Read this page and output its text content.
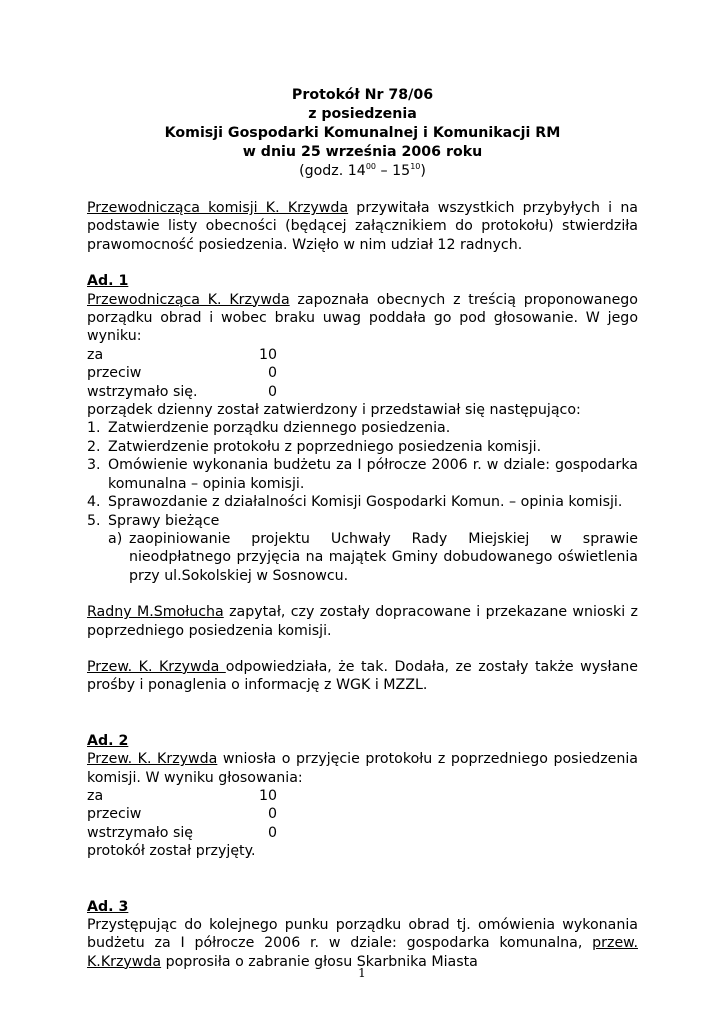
Protokół Nr 78/06
z posiedzenia
Komisji Gospodarki Komunalnej i Komunikacji RM
w dniu 25 września 2006 roku
(godz. $14^{00} - 15^{10}$)

Przewodnicząca komisji K. Krzywda przywitała wszystkich przybyłych i na podstawie listy obecności (będącej załącznikiem do protokołu) stwierdziła prawomocność posiedzenia. Wzięło w nim udział 12 radnych.

Ad. 1

Przewodnicząca K. Krzywda zapoznała obecnych z treścią proponowanego porządku obrad i wobec braku uwag poddała go pod głosowanie. W jego wyniku:

za	10
przeciw	0
wstrzymało się.	0

porządek dzienny został zatwierdzony i przedstawiał się następująco:

1. Zatwierdzenie porządku dziennego posiedzenia.
2. Zatwierdzenie protokołu z poprzedniego posiedzenia komisji.
3. Omówienie wykonania budżetu za I półrocze 2006 r. w dziale: gospodarka komunalna – opinia komisji.
4. Sprawozdanie z działalności Komisji Gospodarki Komun. – opinia komisji.
5. Sprawy bieżące
a) zaopiniowanie projektu Uchwały Rady Miejskiej w sprawie nieodpłatnego przyjęcia na majątek Gminy dobudowanego oświetlenia przy ul.Sokolskiej w Sosnowcu.

Radny M.Smołucha zapytał, czy zostały dopracowane i przekazane wnioski z poprzedniego posiedzenia komisji.

Przew. K. Krzywda odpowiedziała, że tak. Dodała, ze zostały także wysłane prośby i ponaglenia o informację z WGK i MZZL.

Ad. 2

Przew. K. Krzywda wniosła o przyjęcie protokołu z poprzedniego posiedzenia komisji. W wyniku głosowania:

za	10
przeciw	0
wstrzymało się	0

protokół został przyjęty.

Ad. 3

Przystępując do kolejnego punku porządku obrad tj. omówienia wykonania budżetu za I półrocze 2006 r. w dziale: gospodarka komunalna, przew. K.Krzywda poprosiła o zabranie głosu Skarbnika Miasta

1
